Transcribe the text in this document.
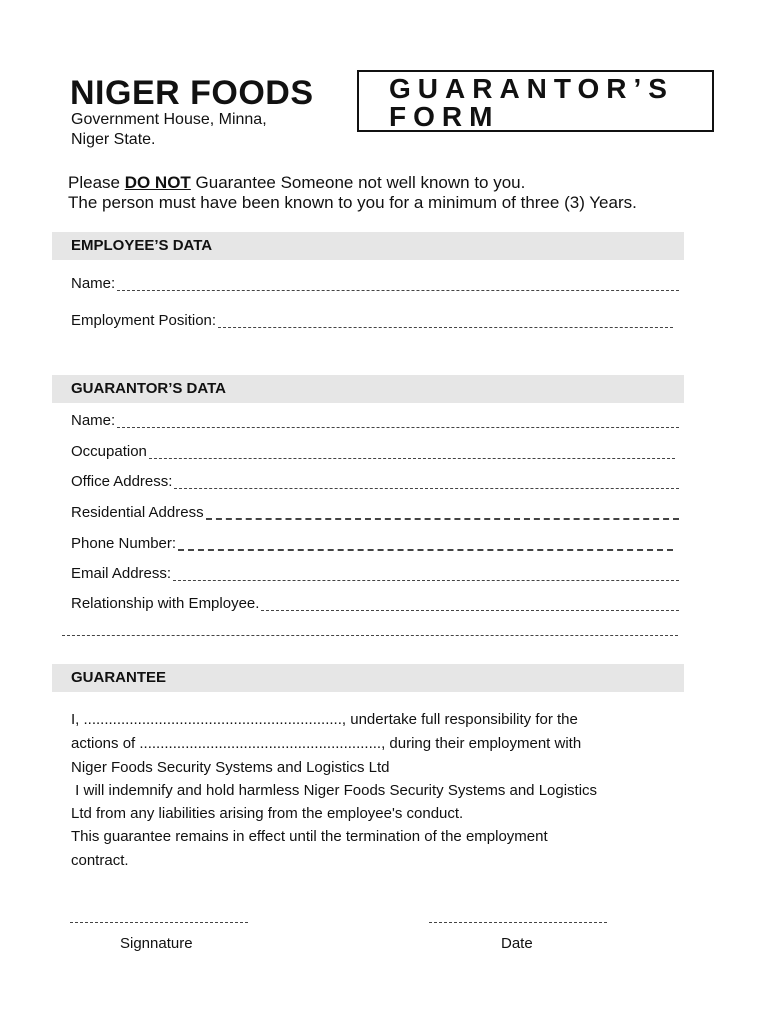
NIGER FOODS
Government House, Minna,
Niger State.
GUARANTOR’S
FORM
Please DO NOT Guarantee Someone not well known to you.
The person must have been known to you for a minimum of three (3) Years.
EMPLOYEE’S DATA
Name:
Employment Position:
GUARANTOR’S DATA
Name:
Occupation
Office Address:
Residential Address
Phone Number:
Email Address:
Relationship with Employee.
GUARANTEE
I, .............................................................., undertake full responsibility for the
actions of .........................................................., during their employment with
Niger Foods Security Systems and Logistics Ltd
I will indemnify and hold harmless Niger Foods Security Systems and Logistics
Ltd from any liabilities arising from the employee's conduct.
This guarantee remains in effect until the termination of the employment
contract.
Signnature	Date
